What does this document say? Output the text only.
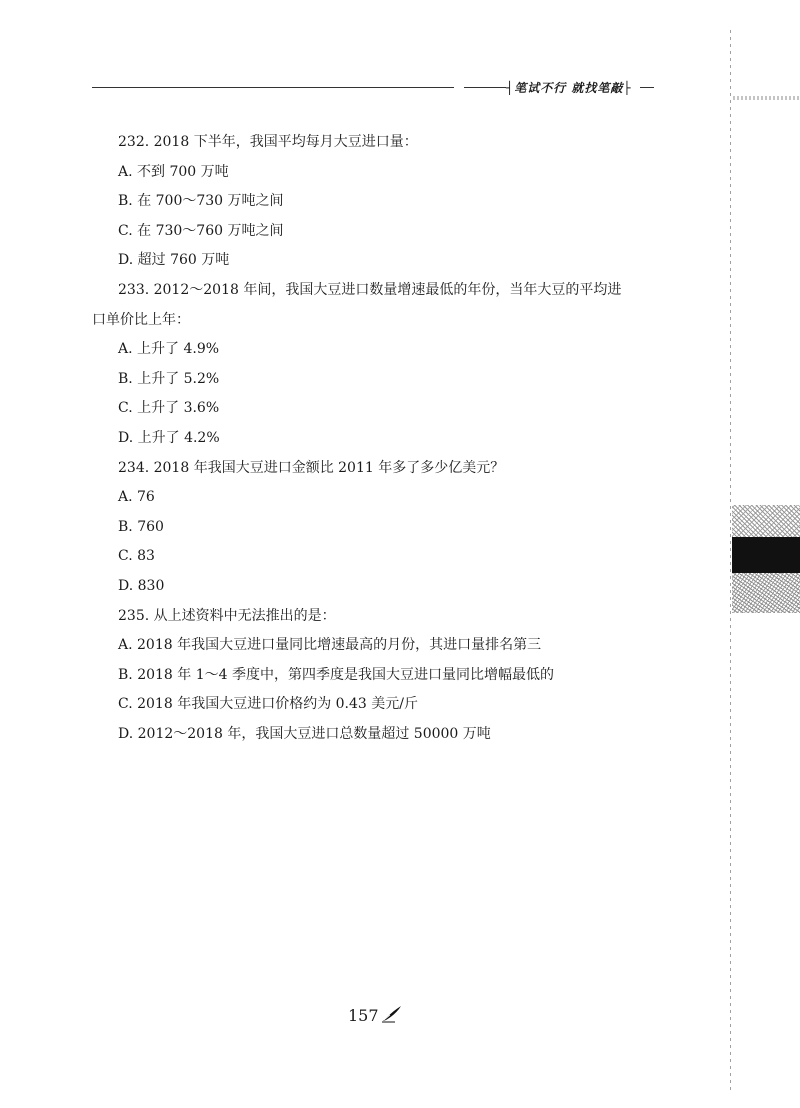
┤ 笔试不行 就找笔敲 ├
232. 2018 下半年，我国平均每月大豆进口量：
A. 不到 700 万吨
B. 在 700～730 万吨之间
C. 在 730～760 万吨之间
D. 超过 760 万吨
233. 2012～2018 年间，我国大豆进口数量增速最低的年份，当年大豆的平均进
口单价比上年：
A. 上升了 4.9%
B. 上升了 5.2%
C. 上升了 3.6%
D. 上升了 4.2%
234. 2018 年我国大豆进口金额比 2011 年多了多少亿美元？
A. 76
B. 760
C. 83
D. 830
235. 从上述资料中无法推出的是：
A. 2018 年我国大豆进口量同比增速最高的月份，其进口量排名第三
B. 2018 年 1～4 季度中，第四季度是我国大豆进口量同比增幅最低的
C. 2018 年我国大豆进口价格约为 0.43 美元/斤
D. 2012～2018 年，我国大豆进口总数量超过 50000 万吨
157
